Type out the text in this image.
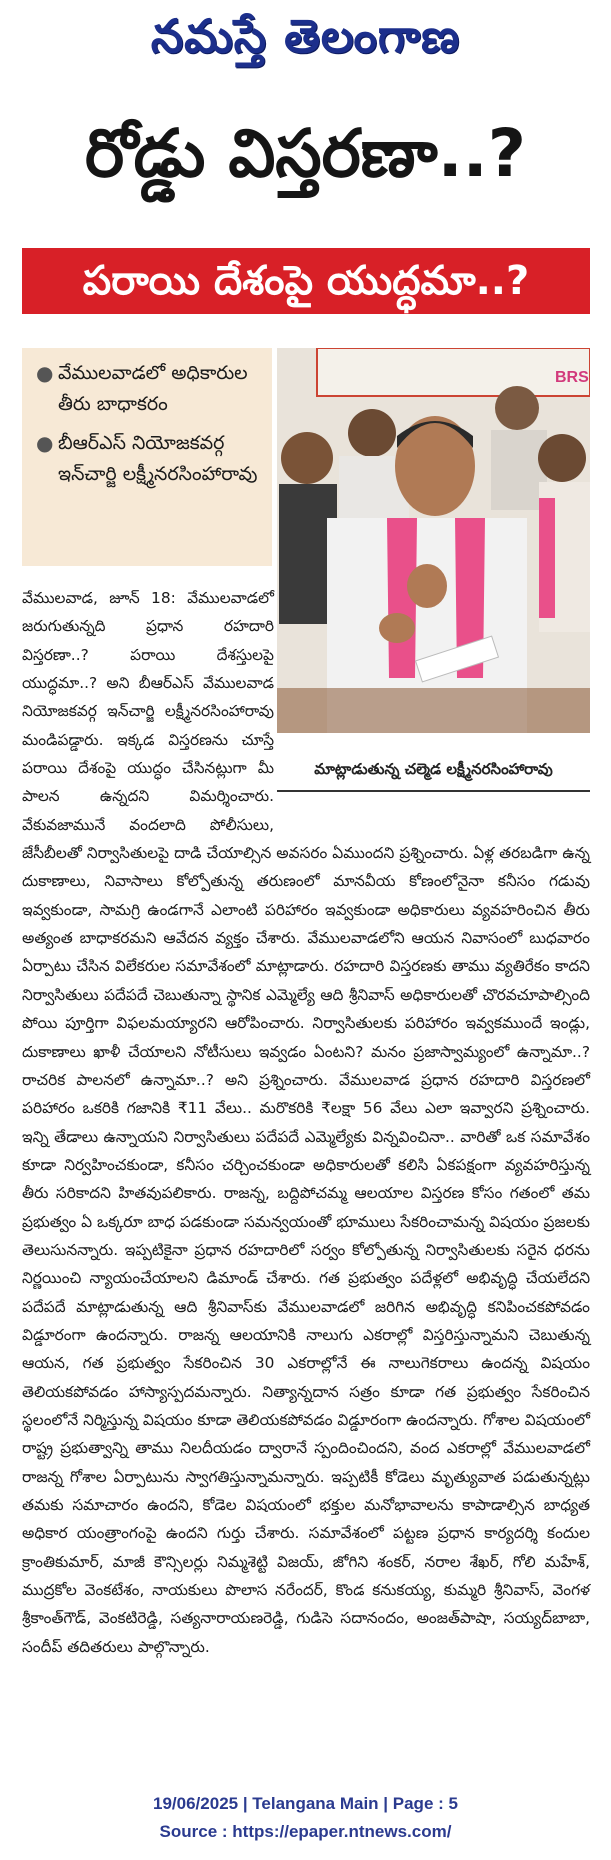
నమస్తే తెలంగాణ
రోడ్డు విస్తరణా..?
పరాయి దేశంపై యుద్ధమా..?
● వేములవాడలో అధికారుల తీరు బాధాకరం
● బీఆర్ఎస్ నియోజకవర్గ ఇన్‌చార్జి లక్ష్మీనరసింహారావు
BRS
మాట్లాడుతున్న చల్మెడ లక్ష్మీనరసింహారావు
వేములవాడ, జూన్ 18: వేములవాడలో జరుగుతున్నది ప్రధాన రహదారి విస్తరణా..? పరాయి దేశస్తులపై యుద్ధమా..? అని బీఆర్ఎస్ వేములవాడ నియోజకవర్గ ఇన్‌చార్జి లక్ష్మీనరసింహారావు మండిపడ్డారు. ఇక్కడ విస్తరణను చూస్తే పరాయి దేశంపై యుద్ధం చేసినట్లుగా మీ పాలన ఉన్నదని విమర్శించారు. వేకువజామునే వందలాది పోలీసులు, జేసీబీలతో నిర్వాసితులపై దాడి చేయాల్సిన అవసరం ఏముందని ప్రశ్నించారు. ఏళ్ల తరబడిగా ఉన్న దుకాణాలు, నివాసాలు కోల్పోతున్న తరుణంలో మానవీయ కోణంలోనైనా కనీసం గడువు ఇవ్వకుండా, సామగ్రి ఉండగానే ఎలాంటి పరిహారం ఇవ్వకుండా అధికారులు వ్యవహరించిన తీరు అత్యంత బాధాకరమని ఆవేదన వ్యక్తం చేశారు. వేములవాడలోని ఆయన నివాసంలో బుధవారం ఏర్పాటు చేసిన విలేకరుల సమావేశంలో మాట్లాడారు. రహదారి విస్తరణకు తాము వ్యతిరేకం కాదని నిర్వాసితులు పదేపదే చెబుతున్నా స్థానిక ఎమ్మెల్యే ఆది శ్రీనివాస్ అధికారులతో చొరవచూపాల్సింది పోయి పూర్తిగా విఫలమయ్యారని ఆరోపించారు. నిర్వాసితులకు పరిహారం ఇవ్వకముందే ఇండ్లు, దుకాణాలు ఖాళీ చేయాలని నోటీసులు ఇవ్వడం ఏంటని? మనం ప్రజాస్వామ్యంలో ఉన్నామా..? రాచరిక పాలనలో ఉన్నామా..? అని ప్రశ్నించారు. వేములవాడ ప్రధాన రహదారి విస్తరణలో పరిహారం ఒకరికి గజానికి ₹11 వేలు.. మరొకరికి ₹లక్షా 56 వేలు ఎలా ఇవ్వారని ప్రశ్నించారు. ఇన్ని తేడాలు ఉన్నాయని నిర్వాసితులు పదేపదే ఎమ్మెల్యేకు విన్నవించినా.. వారితో ఒక సమావేశం కూడా నిర్వహించకుండా, కనీసం చర్చించకుండా అధికారులతో కలిసి ఏకపక్షంగా వ్యవహరిస్తున్న తీరు సరికాదని హితవుపలికారు. రాజన్న, బద్దిపోచమ్మ ఆలయాల విస్తరణ కోసం గతంలో తమ ప్రభుత్వం ఏ ఒక్కరూ బాధ పడకుండా సమన్వయంతో భూములు సేకరించామన్న విషయం ప్రజలకు తెలుసునన్నారు. ఇప్పటికైనా ప్రధాన రహదారిలో సర్వం కోల్పోతున్న నిర్వాసితులకు సరైన ధరను నిర్ణయించి న్యాయంచేయాలని డిమాండ్ చేశారు. గత ప్రభుత్వం పదేళ్లలో అభివృద్ధి చేయలేదని పదేపదే మాట్లాడుతున్న ఆది శ్రీనివాస్‌కు వేములవాడలో జరిగిన అభివృద్ధి కనిపించకపోవడం విడ్డూరంగా ఉందన్నారు. రాజన్న ఆలయానికి నాలుగు ఎకరాల్లో విస్తరిస్తున్నామని చెబుతున్న ఆయన, గత ప్రభుత్వం సేకరించిన 30 ఎకరాల్లోనే ఈ నాలుగెకరాలు ఉందన్న విషయం తెలియకపోవడం హాస్యాస్పదమన్నారు. నిత్యాన్నదాన సత్రం కూడా గత ప్రభుత్వం సేకరించిన స్థలంలోనే నిర్మిస్తున్న విషయం కూడా తెలియకపోవడం విడ్డూరంగా ఉందన్నారు. గోశాల విషయంలో రాష్ట్ర ప్రభుత్వాన్ని తాము నిలదీయడం ద్వారానే స్పందించిందని, వంద ఎకరాల్లో వేములవాడలో రాజన్న గోశాల ఏర్పాటును స్వాగతిస్తున్నామన్నారు. ఇప్పటికీ కోడెలు మృత్యువాత పడుతున్నట్లు తమకు సమాచారం ఉందని, కోడెల విషయంలో భక్తుల మనోభావాలను కాపాడాల్సిన బాధ్యత అధికార యంత్రాంగంపై ఉందని గుర్తు చేశారు. సమావేశంలో పట్టణ ప్రధాన కార్యదర్శి కందుల క్రాంతికుమార్, మాజీ కౌన్సిలర్లు నిమ్మశెట్టి విజయ్, జోగిని శంకర్, నరాల శేఖర్, గోలి మహేశ్, ముద్రకోల వెంకటేశం, నాయకులు పొలాస నరేందర్, కొండ కనుకయ్య, కుమ్మరి శ్రీనివాస్, వెంగళ శ్రీకాంత్‌గౌడ్, వెంకటిరెడ్డి, సత్యనారాయణరెడ్డి, గుడిసె సదానందం, అంజత్‌పాషా, సయ్యద్‌బాబా, సందీప్ తదితరులు పాల్గొన్నారు.
19/06/2025 | Telangana Main | Page : 5
Source : https://epaper.ntnews.com/
